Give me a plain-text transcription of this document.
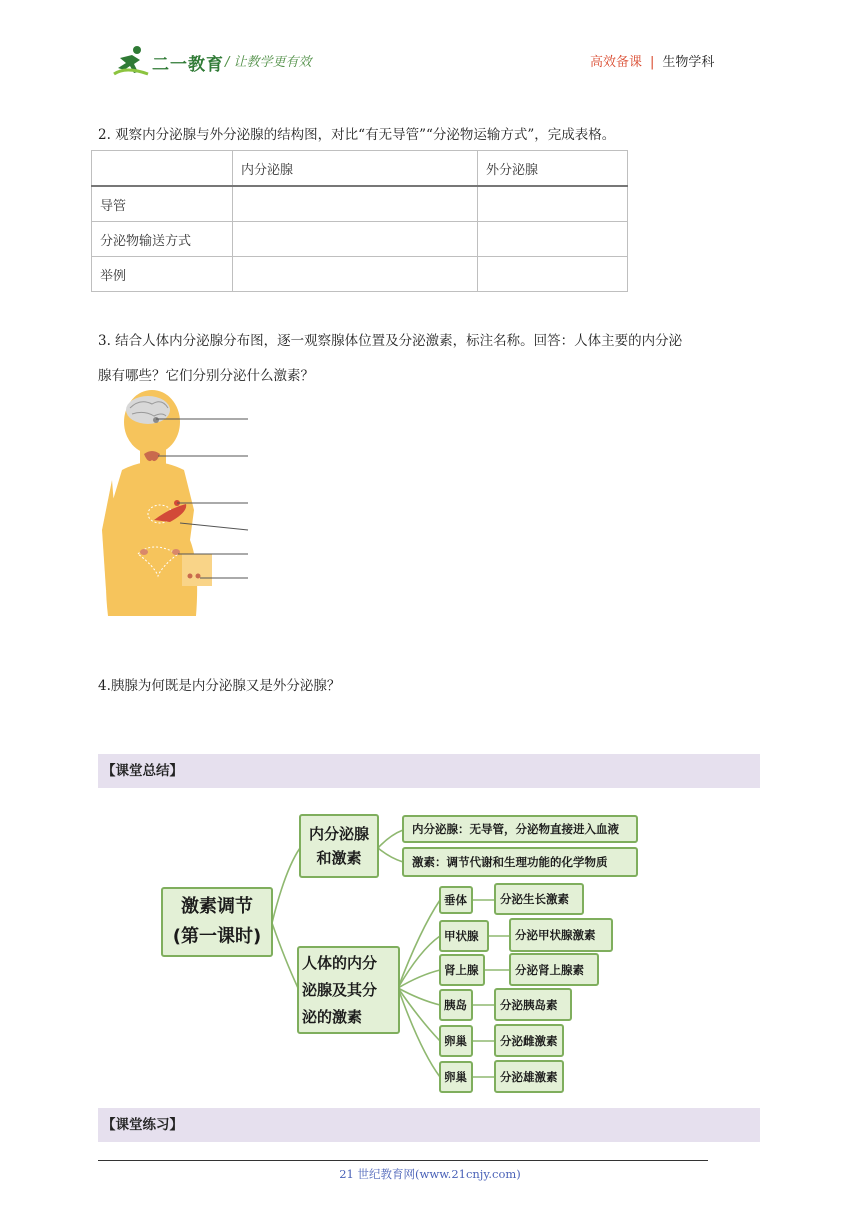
二一教育 / 让教学更有效	高效备课 | 生物学科
2. 观察内分泌腺与外分泌腺的结构图，对比“有无导管”“分泌物运输方式”，完成表格。
	内分泌腺	外分泌腺
导管		
分泌物输送方式		
举例		
3. 结合人体内分泌腺分布图，逐一观察腺体位置及分泌激素，标注名称。回答：人体主要的内分泌
腺有哪些？它们分别分泌什么激素？
4.胰腺为何既是内分泌腺又是外分泌腺？
【课堂总结】
激素调节
(第一课时)
内分泌腺
和激素
内分泌腺：无导管，分泌物直接进入血液
激素：调节代谢和生理功能的化学物质
人体的内分
泌腺及其分
泌的激素
垂体	分泌生长激素
甲状腺	分泌甲状腺激素
肾上腺	分泌肾上腺素
胰岛	分泌胰岛素
卵巢	分泌雌激素
卵巢	分泌雄激素
【课堂练习】
21 世纪教育网(www.21cnjy.com)
